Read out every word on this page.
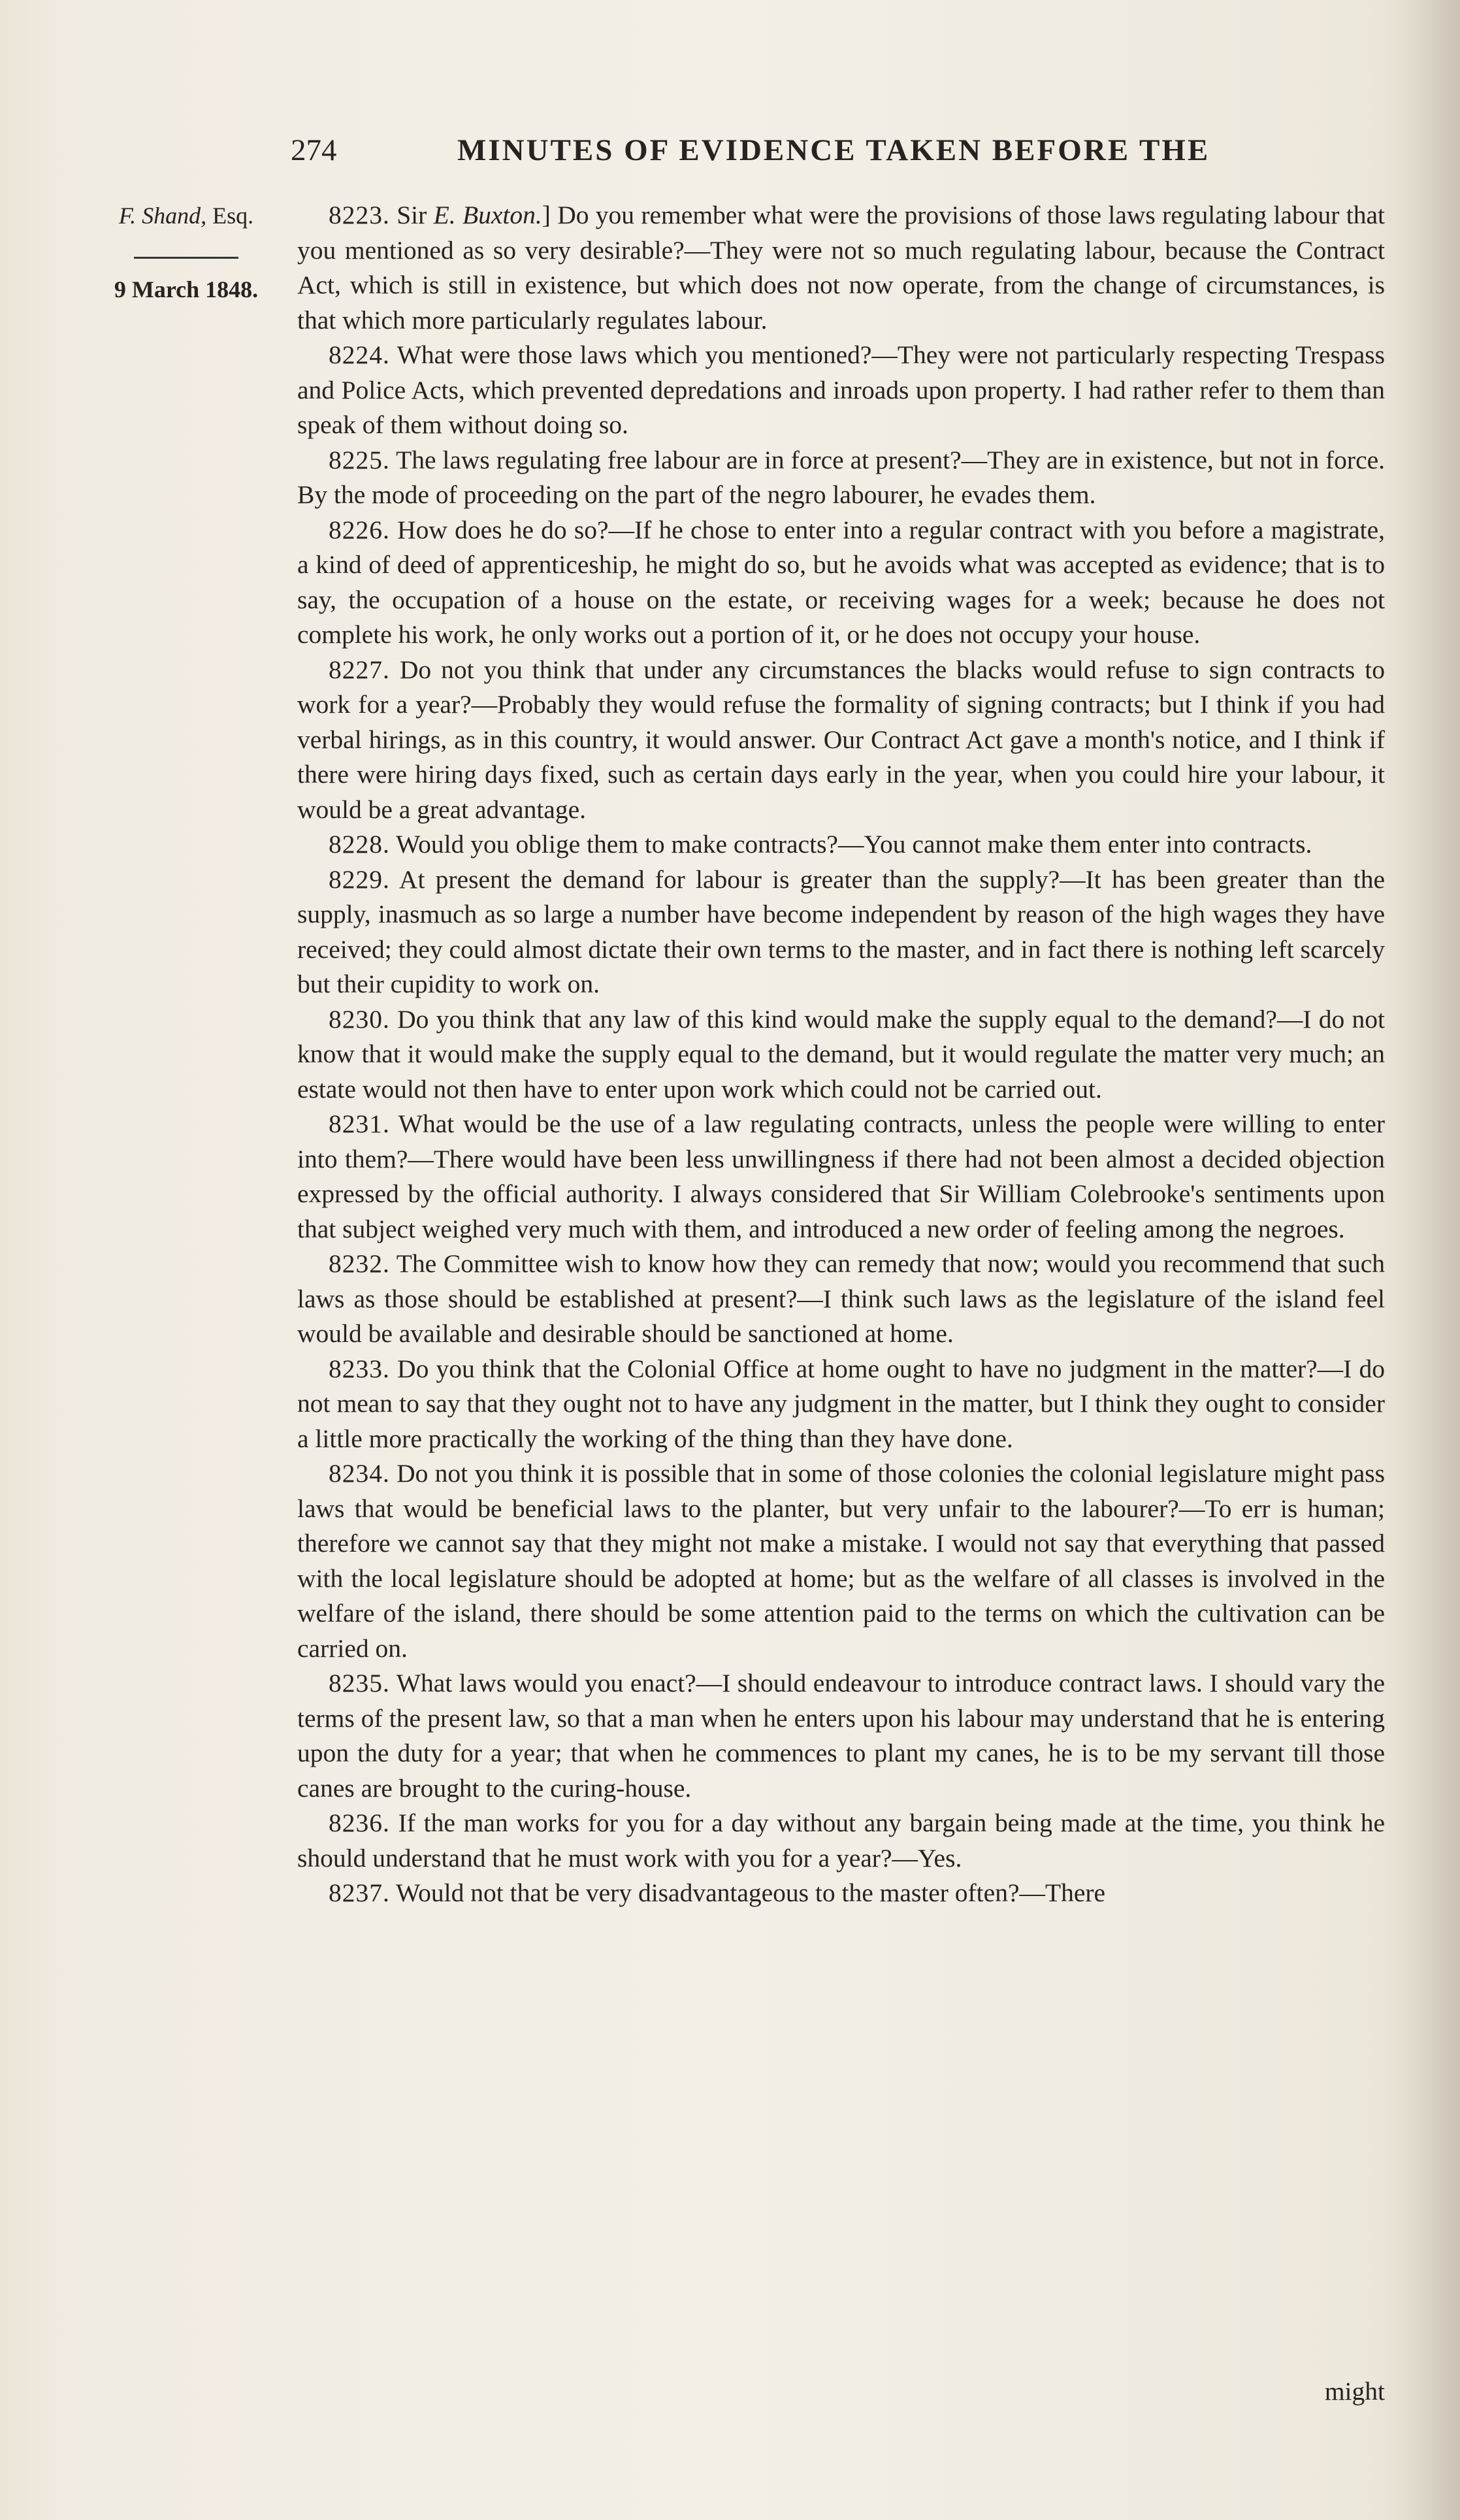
274	MINUTES OF EVIDENCE TAKEN BEFORE THE
F. Shand, Esq.
9 March 1848.

8223. Sir E. Buxton.] Do you remember what were the provisions of those laws regulating labour that you mentioned as so very desirable?—They were not so much regulating labour, because the Contract Act, which is still in existence, but which does not now operate, from the change of circumstances, is that which more particularly regulates labour.

8224. What were those laws which you mentioned?—They were not particularly respecting Trespass and Police Acts, which prevented depredations and inroads upon property. I had rather refer to them than speak of them without doing so.

8225. The laws regulating free labour are in force at present?—They are in existence, but not in force. By the mode of proceeding on the part of the negro labourer, he evades them.

8226. How does he do so?—If he chose to enter into a regular contract with you before a magistrate, a kind of deed of apprenticeship, he might do so, but he avoids what was accepted as evidence; that is to say, the occupation of a house on the estate, or receiving wages for a week; because he does not complete his work, he only works out a portion of it, or he does not occupy your house.

8227. Do not you think that under any circumstances the blacks would refuse to sign contracts to work for a year?—Probably they would refuse the formality of signing contracts; but I think if you had verbal hirings, as in this country, it would answer. Our Contract Act gave a month's notice, and I think if there were hiring days fixed, such as certain days early in the year, when you could hire your labour, it would be a great advantage.

8228. Would you oblige them to make contracts?—You cannot make them enter into contracts.

8229. At present the demand for labour is greater than the supply?—It has been greater than the supply, inasmuch as so large a number have become independent by reason of the high wages they have received; they could almost dictate their own terms to the master, and in fact there is nothing left scarcely but their cupidity to work on.

8230. Do you think that any law of this kind would make the supply equal to the demand?—I do not know that it would make the supply equal to the demand, but it would regulate the matter very much; an estate would not then have to enter upon work which could not be carried out.

8231. What would be the use of a law regulating contracts, unless the people were willing to enter into them?—There would have been less unwillingness if there had not been almost a decided objection expressed by the official authority. I always considered that Sir William Colebrooke's sentiments upon that subject weighed very much with them, and introduced a new order of feeling among the negroes.

8232. The Committee wish to know how they can remedy that now; would you recommend that such laws as those should be established at present?—I think such laws as the legislature of the island feel would be available and desirable should be sanctioned at home.

8233. Do you think that the Colonial Office at home ought to have no judgment in the matter?—I do not mean to say that they ought not to have any judgment in the matter, but I think they ought to consider a little more practically the working of the thing than they have done.

8234. Do not you think it is possible that in some of those colonies the colonial legislature might pass laws that would be beneficial laws to the planter, but very unfair to the labourer?—To err is human; therefore we cannot say that they might not make a mistake. I would not say that everything that passed with the local legislature should be adopted at home; but as the welfare of all classes is involved in the welfare of the island, there should be some attention paid to the terms on which the cultivation can be carried on.

8235. What laws would you enact?—I should endeavour to introduce contract laws. I should vary the terms of the present law, so that a man when he enters upon his labour may understand that he is entering upon the duty for a year; that when he commences to plant my canes, he is to be my servant till those canes are brought to the curing-house.

8236. If the man works for you for a day without any bargain being made at the time, you think he should understand that he must work with you for a year?—Yes.

8237. Would not that be very disadvantageous to the master often?—There

might
